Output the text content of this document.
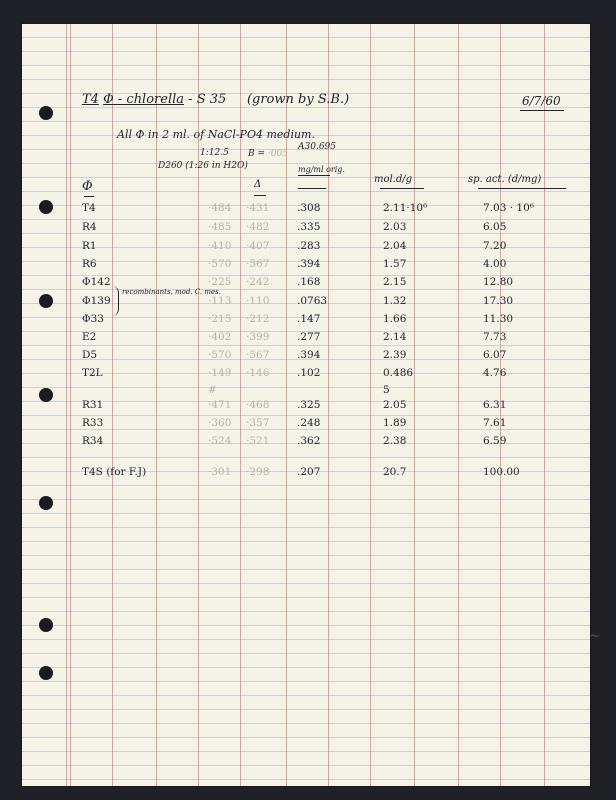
T4 Φ - chlorella - S 35 (grown by S.B.)	6/7/60
All Φ in 2 ml. of NaCl-PO4 medium.
Φ
1:12.5
D260 (1:26 in H2O)
B = ·005
Δ
A30.695
mg/ml orig.
mol.d/g	sp. act. (d/mg)
T4	·484 ·431	.308	2.11·10⁶	7.03 · 10⁶
R4	·485 ·482	.335	2.03	6.05
R1	·410 ·407	.283	2.04	7.20
R6	·570 ·567	.394	1.57	4.00
Φ142	·225 ·242	.168	2.15	12.80
Φ139	·113 ·110	.0763	1.32	17.30
Φ33	·215 ·212	.147	1.66	11.30
E2	·402 ·399	.277	2.14	7.73
D5	·570 ·567	.394	2.39	6.07
T2L	·149 ·146	.102	0.486	4.76
recombinants, mod. C. mes.
#	5
R31	·471 ·468	.325	2.05	6.31
R33	·360 ·357	.248	1.89	7.61
R34	·524 ·521	.362	2.38	6.59
T4S (for F.J)	·301 ·298	.207	20.7	100.00
~
